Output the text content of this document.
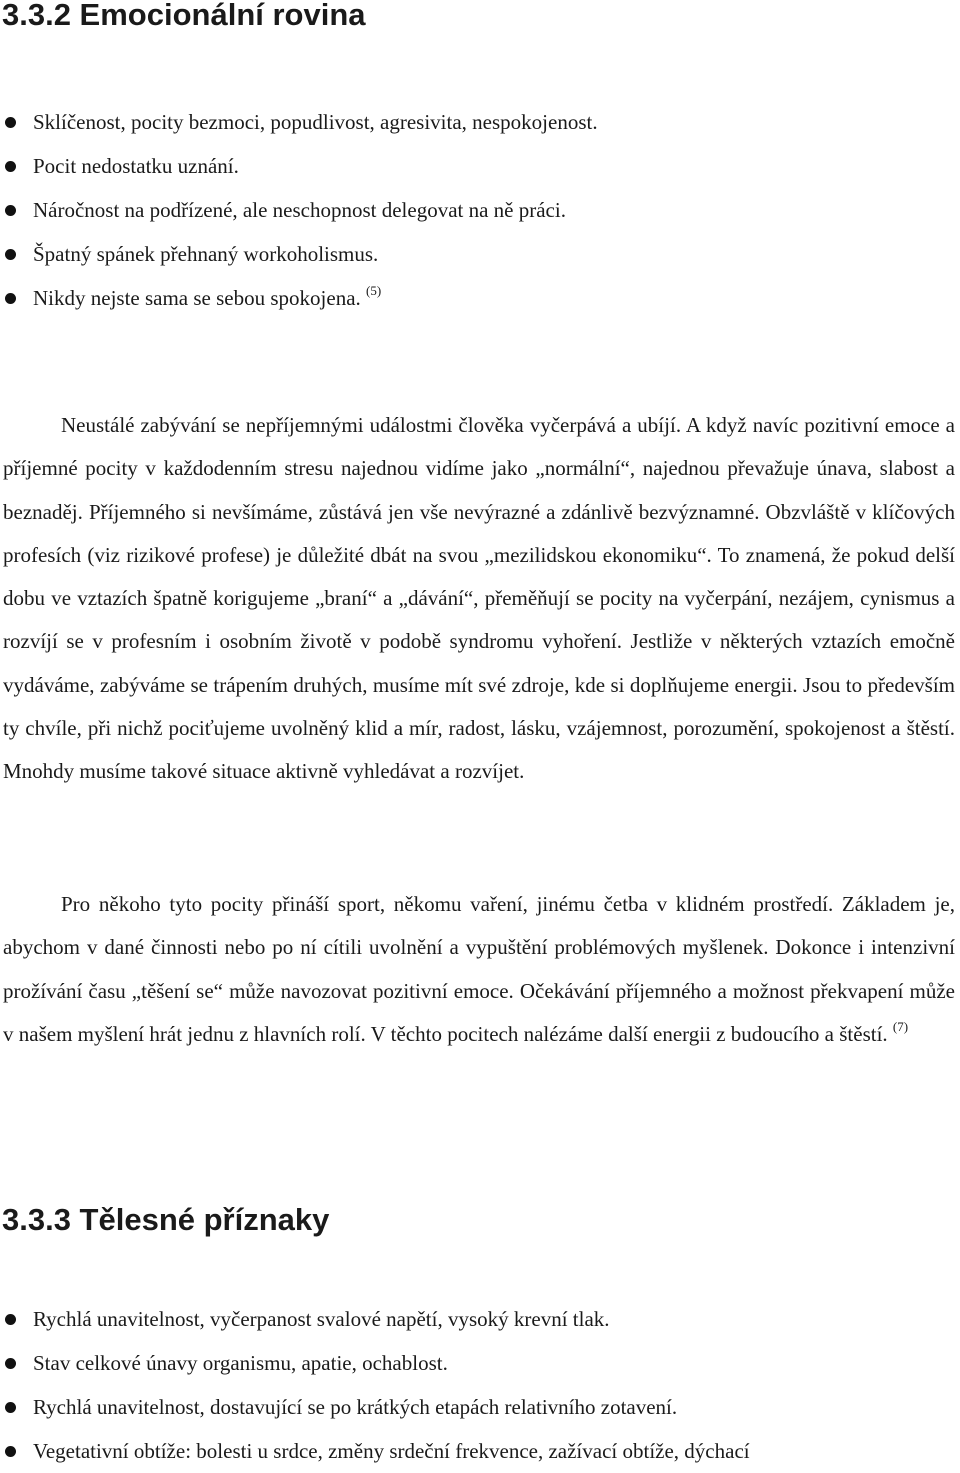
3.3.2 Emocionální rovina
Sklíčenost, pocity bezmoci, popudlivost, agresivita, nespokojenost.
Pocit nedostatku uznání.
Náročnost na podřízené, ale neschopnost delegovat na ně práci.
Špatný spánek přehnaný workoholismus.
Nikdy nejste sama se sebou spokojena. $^{(5)}$

Neustálé zabývání se nepříjemnými událostmi člověka vyčerpává a ubíjí. A když navíc pozitivní emoce a příjemné pocity v každodenním stresu najednou vidíme jako „normální“, najednou převažuje únava, slabost a beznaděj. Příjemného si nevšímáme, zůstává jen vše nevýrazné a zdánlivě bezvýznamné. Obzvláště v klíčových profesích (viz rizikové profese) je důležité dbát na svou „mezilidskou ekonomiku“. To znamená, že pokud delší dobu ve vztazích špatně korigujeme „braní“ a „dávání“, přeměňují se pocity na vyčerpání, nezájem, cynismus a rozvíjí se v profesním i osobním životě v podobě syndromu vyhoření. Jestliže v některých vztazích emočně vydáváme, zabýváme se trápením druhých, musíme mít své zdroje, kde si doplňujeme energii. Jsou to především ty chvíle, při nichž pociťujeme uvolněný klid a mír, radost, lásku, vzájemnost, porozumění, spokojenost a štěstí. Mnohdy musíme takové situace aktivně vyhledávat a rozvíjet.

Pro někoho tyto pocity přináší sport, někomu vaření, jinému četba v klidném prostředí. Základem je, abychom v dané činnosti nebo po ní cítili uvolnění a vypuštění problémových myšlenek. Dokonce i intenzivní prožívání času „těšení se“ může navozovat pozitivní emoce. Očekávání příjemného a možnost překvapení může v našem myšlení hrát jednu z hlavních rolí. V těchto pocitech nalézáme další energii z budoucího a štěstí. $^{(7)}$

3.3.3 Tělesné příznaky
Rychlá unavitelnost, vyčerpanost svalové napětí, vysoký krevní tlak.
Stav celkové únavy organismu, apatie, ochablost.
Rychlá unavitelnost, dostavující se po krátkých etapách relativního zotavení.
Vegetativní obtíže: bolesti u srdce, změny srdeční frekvence, zažívací obtíže, dýchací
